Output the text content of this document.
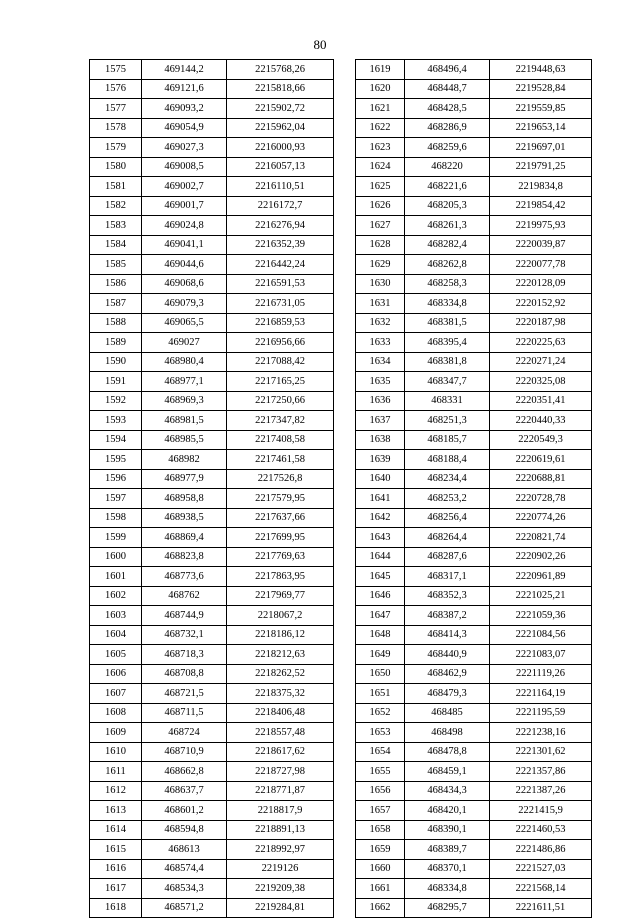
80
1575	469144,2	2215768,26
1576	469121,6	2215818,66
1577	469093,2	2215902,72
1578	469054,9	2215962,04
1579	469027,3	2216000,93
1580	469008,5	2216057,13
1581	469002,7	2216110,51
1582	469001,7	2216172,7
1583	469024,8	2216276,94
1584	469041,1	2216352,39
1585	469044,6	2216442,24
1586	469068,6	2216591,53
1587	469079,3	2216731,05
1588	469065,5	2216859,53
1589	469027	2216956,66
1590	468980,4	2217088,42
1591	468977,1	2217165,25
1592	468969,3	2217250,66
1593	468981,5	2217347,82
1594	468985,5	2217408,58
1595	468982	2217461,58
1596	468977,9	2217526,8
1597	468958,8	2217579,95
1598	468938,5	2217637,66
1599	468869,4	2217699,95
1600	468823,8	2217769,63
1601	468773,6	2217863,95
1602	468762	2217969,77
1603	468744,9	2218067,2
1604	468732,1	2218186,12
1605	468718,3	2218212,63
1606	468708,8	2218262,52
1607	468721,5	2218375,32
1608	468711,5	2218406,48
1609	468724	2218557,48
1610	468710,9	2218617,62
1611	468662,8	2218727,98
1612	468637,7	2218771,87
1613	468601,2	2218817,9
1614	468594,8	2218891,13
1615	468613	2218992,97
1616	468574,4	2219126
1617	468534,3	2219209,38
1618	468571,2	2219284,81
1619	468496,4	2219448,63
1620	468448,7	2219528,84
1621	468428,5	2219559,85
1622	468286,9	2219653,14
1623	468259,6	2219697,01
1624	468220	2219791,25
1625	468221,6	2219834,8
1626	468205,3	2219854,42
1627	468261,3	2219975,93
1628	468282,4	2220039,87
1629	468262,8	2220077,78
1630	468258,3	2220128,09
1631	468334,8	2220152,92
1632	468381,5	2220187,98
1633	468395,4	2220225,63
1634	468381,8	2220271,24
1635	468347,7	2220325,08
1636	468331	2220351,41
1637	468251,3	2220440,33
1638	468185,7	2220549,3
1639	468188,4	2220619,61
1640	468234,4	2220688,81
1641	468253,2	2220728,78
1642	468256,4	2220774,26
1643	468264,4	2220821,74
1644	468287,6	2220902,26
1645	468317,1	2220961,89
1646	468352,3	2221025,21
1647	468387,2	2221059,36
1648	468414,3	2221084,56
1649	468440,9	2221083,07
1650	468462,9	2221119,26
1651	468479,3	2221164,19
1652	468485	2221195,59
1653	468498	2221238,16
1654	468478,8	2221301,62
1655	468459,1	2221357,86
1656	468434,3	2221387,26
1657	468420,1	2221415,9
1658	468390,1	2221460,53
1659	468389,7	2221486,86
1660	468370,1	2221527,03
1661	468334,8	2221568,14
1662	468295,7	2221611,51
